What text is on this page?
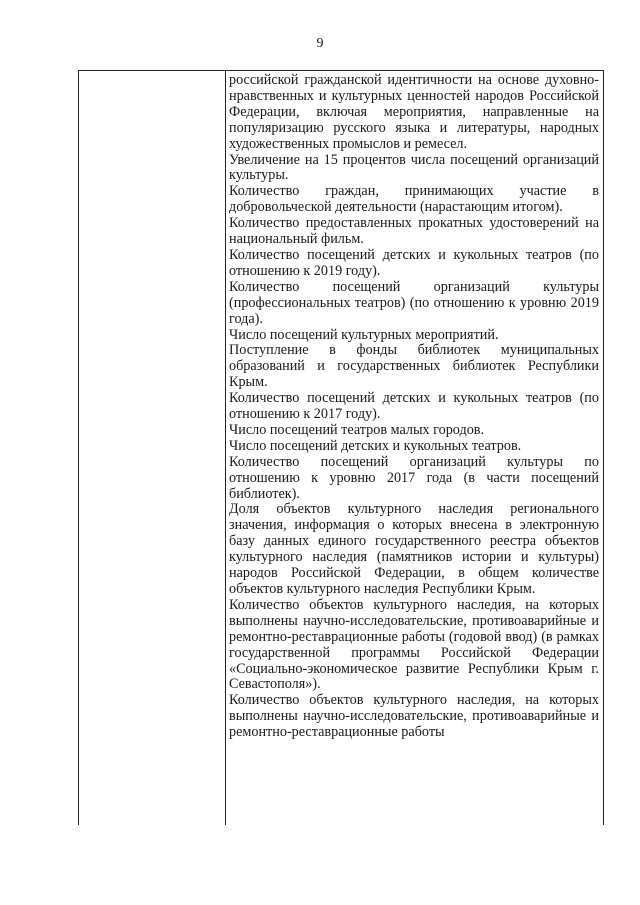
9

российской гражданской идентичности на основе духовно-нравственных и культурных ценностей народов Российской Федерации, включая мероприятия, направленные на популяризацию русского языка и литературы, народных художественных промыслов и ремесел.

Увеличение на 15 процентов числа посещений организаций культуры.

Количество граждан, принимающих участие в добровольческой деятельности (нарастающим итогом).

Количество предоставленных прокатных удостоверений на национальный фильм.

Количество посещений детских и кукольных театров (по отношению к 2019 году).

Количество посещений организаций культуры (профессиональных театров) (по отношению к уровню 2019 года).

Число посещений культурных мероприятий.

Поступление в фонды библиотек муниципальных образований и государственных библиотек Республики Крым.

Количество посещений детских и кукольных театров (по отношению к 2017 году).

Число посещений театров малых городов.

Число посещений детских и кукольных театров.

Количество посещений организаций культуры по отношению к уровню 2017 года (в части посещений библиотек).

Доля объектов культурного наследия регионального значения, информация о которых внесена в электронную базу данных единого государственного реестра объектов культурного наследия (памятников истории и культуры) народов Российской Федерации, в общем количестве объектов культурного наследия Республики Крым.

Количество объектов культурного наследия, на которых выполнены научно-исследовательские, противоаварийные и ремонтно-реставрационные работы (годовой ввод) (в рамках государственной программы Российской Федерации «Социально-экономическое развитие Республики Крым г. Севастополя»).

Количество объектов культурного наследия, на которых выполнены научно-исследовательские, противоаварийные и ремонтно-реставрационные работы
